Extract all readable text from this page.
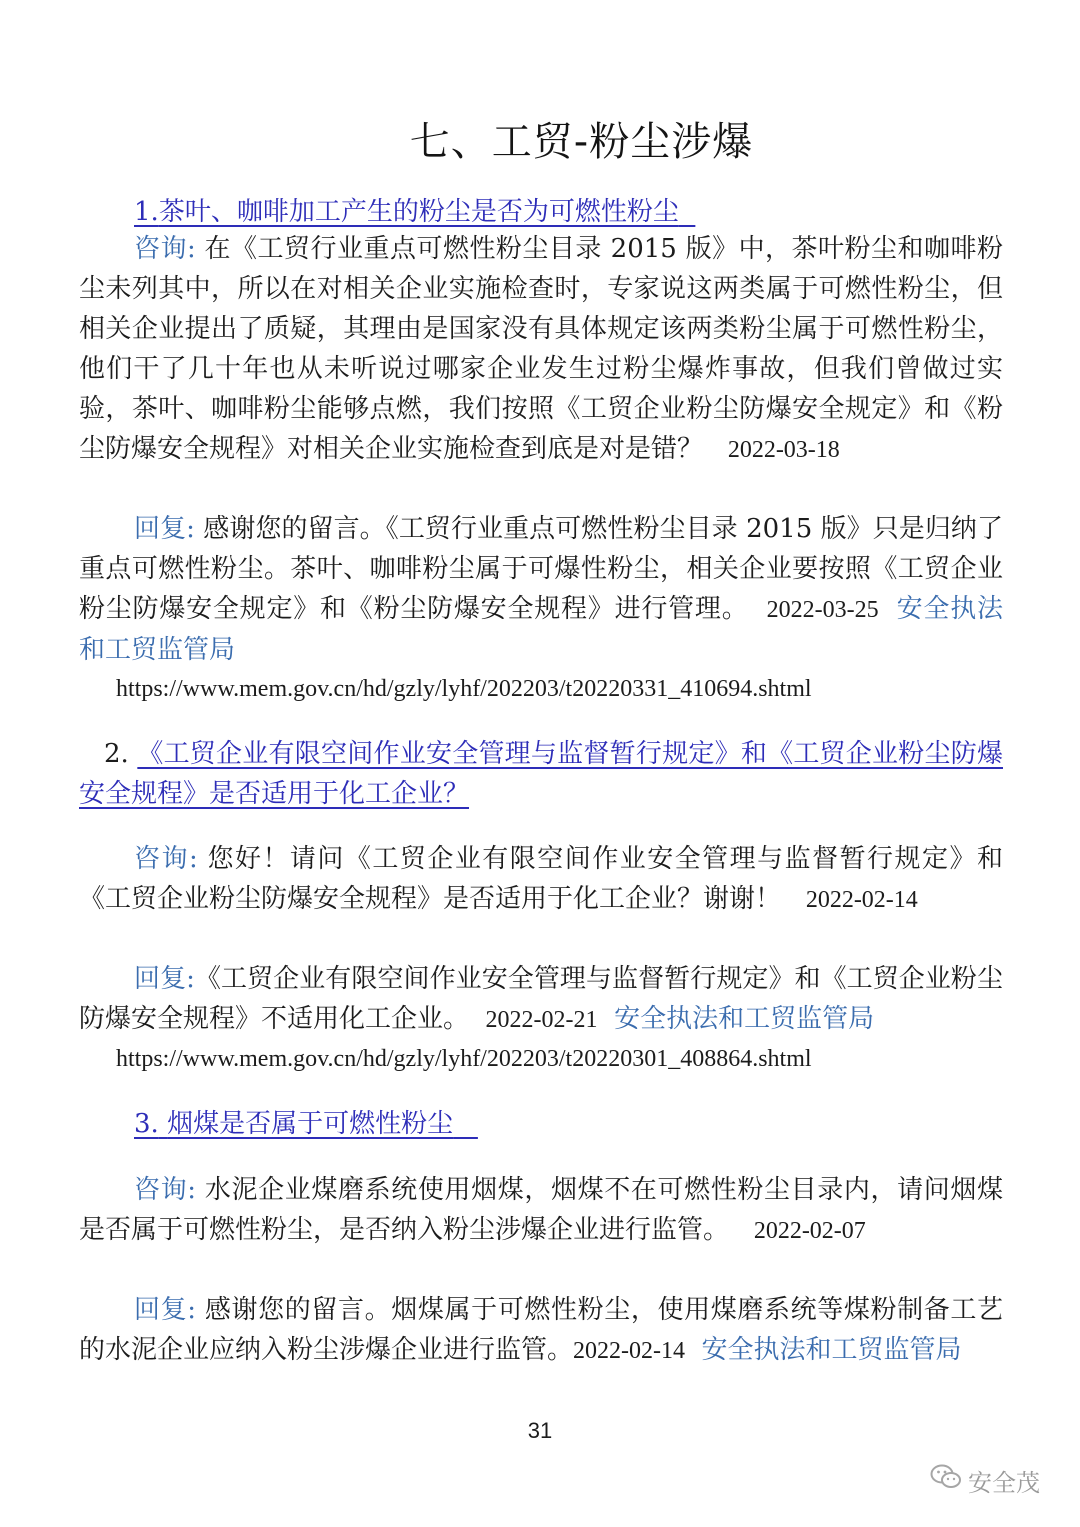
七、工贸-粉尘涉爆
1.茶叶、咖啡加工产生的粉尘是否为可燃性粉尘
咨询: 在《工贸行业重点可燃性粉尘目录 2015 版》中，茶叶粉尘和咖啡粉尘未列其中，所以在对相关企业实施检查时，专家说这两类属于可燃性粉尘，但相关企业提出了质疑，其理由是国家没有具体规定该两类粉尘属于可燃性粉尘，他们干了几十年也从未听说过哪家企业发生过粉尘爆炸事故，但我们曾做过实验，茶叶、咖啡粉尘能够点燃，我们按照《工贸企业粉尘防爆安全规定》和《粉尘防爆安全规程》对相关企业实施检查到底是对是错？ 2022-03-18
回复: 感谢您的留言。《工贸行业重点可燃性粉尘目录 2015 版》只是归纳了重点可燃性粉尘。茶叶、咖啡粉尘属于可爆性粉尘，相关企业要按照《工贸企业粉尘防爆安全规定》和《粉尘防爆安全规程》进行管理。 2022-03-25 安全执法和工贸监管局
https://www.mem.gov.cn/hd/gzly/lyhf/202203/t20220331_410694.shtml
2. 《工贸企业有限空间作业安全管理与监督暂行规定》和《工贸企业粉尘防爆安全规程》是否适用于化工企业？
咨询: 您好！请问《工贸企业有限空间作业安全管理与监督暂行规定》和《工贸企业粉尘防爆安全规程》是否适用于化工企业？谢谢！ 2022-02-14
回复:《工贸企业有限空间作业安全管理与监督暂行规定》和《工贸企业粉尘防爆安全规程》不适用化工企业。 2022-02-21 安全执法和工贸监管局
https://www.mem.gov.cn/hd/gzly/lyhf/202203/t20220301_408864.shtml
3. 烟煤是否属于可燃性粉尘
咨询: 水泥企业煤磨系统使用烟煤，烟煤不在可燃性粉尘目录内，请问烟煤是否属于可燃性粉尘，是否纳入粉尘涉爆企业进行监管。 2022-02-07
回复: 感谢您的留言。烟煤属于可燃性粉尘，使用煤磨系统等煤粉制备工艺的水泥企业应纳入粉尘涉爆企业进行监管。2022-02-14 安全执法和工贸监管局
31
安全茂
